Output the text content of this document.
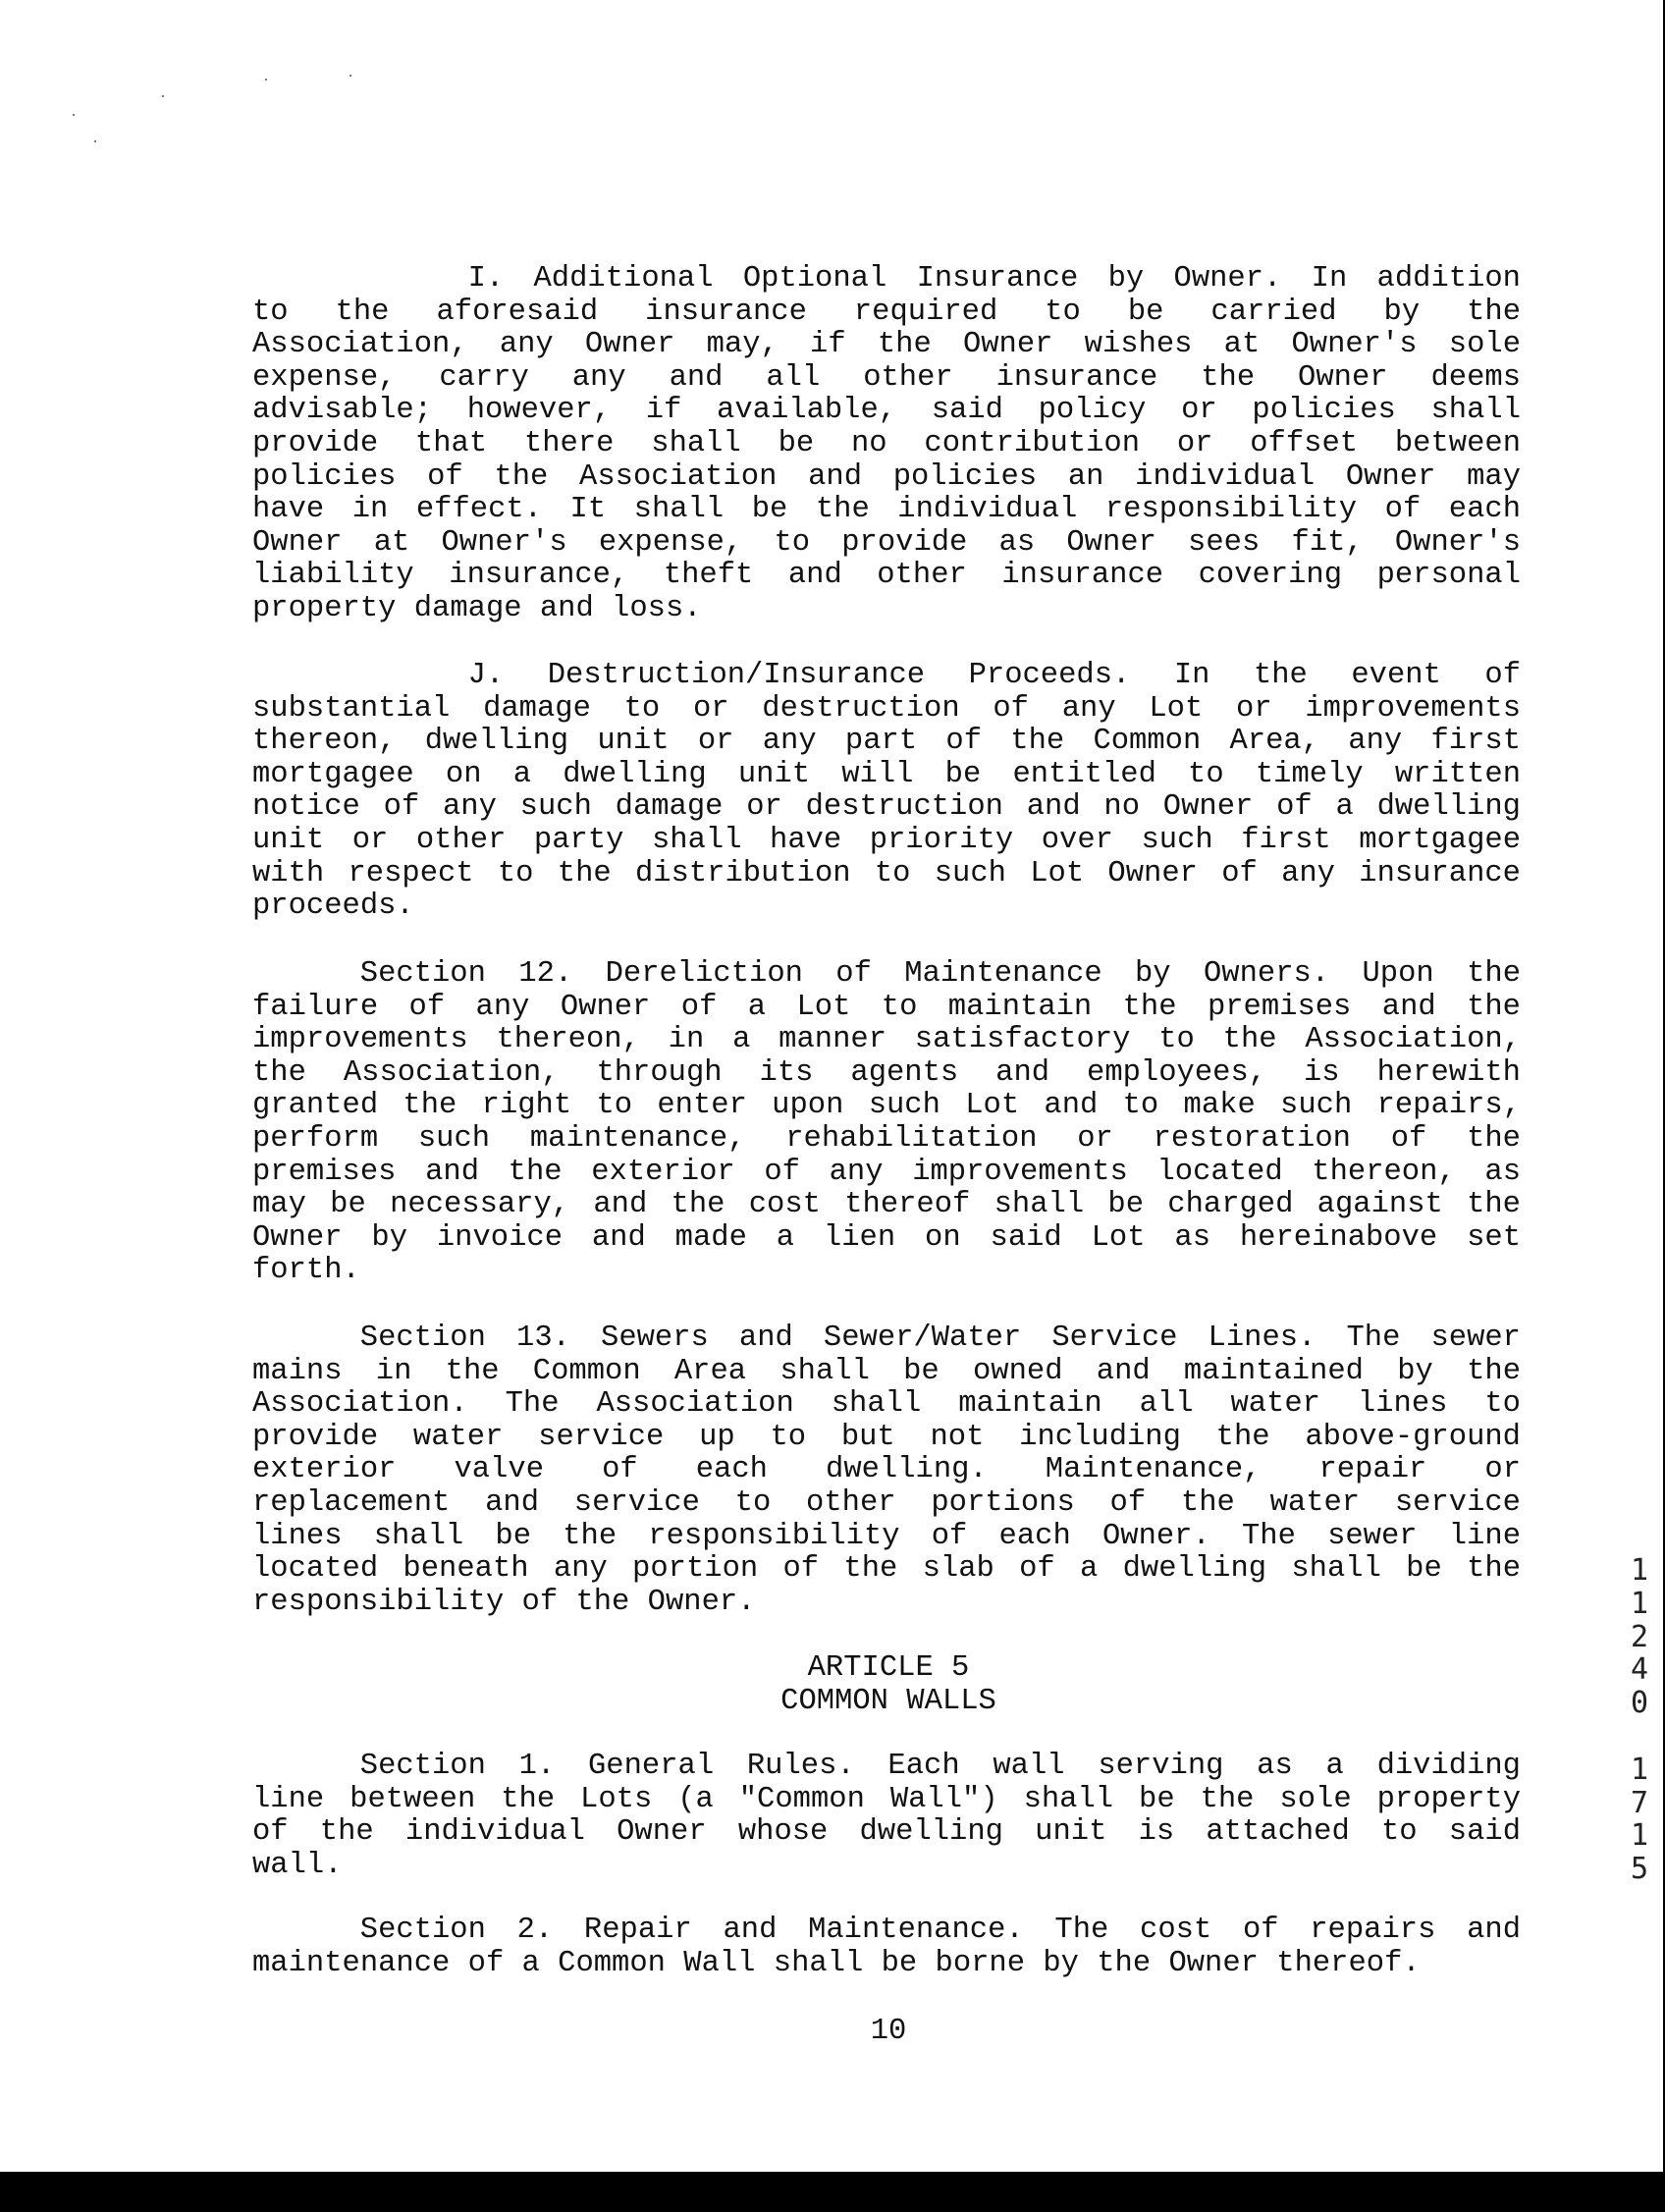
I. Additional Optional Insurance by Owner. In addition
to the aforesaid insurance required to be carried by the
Association, any Owner may, if the Owner wishes at Owner's sole
expense, carry any and all other insurance the Owner deems
advisable; however, if available, said policy or policies shall
provide that there shall be no contribution or offset between
policies of the Association and policies an individual Owner may
have in effect. It shall be the individual responsibility of each
Owner at Owner's expense, to provide as Owner sees fit, Owner's
liability insurance, theft and other insurance covering personal
property damage and loss.
J. Destruction/Insurance Proceeds. In the event of
substantial damage to or destruction of any Lot or improvements
thereon, dwelling unit or any part of the Common Area, any first
mortgagee on a dwelling unit will be entitled to timely written
notice of any such damage or destruction and no Owner of a dwelling
unit or other party shall have priority over such first mortgagee
with respect to the distribution to such Lot Owner of any insurance
proceeds.
Section 12. Dereliction of Maintenance by Owners. Upon the
failure of any Owner of a Lot to maintain the premises and the
improvements thereon, in a manner satisfactory to the Association,
the Association, through its agents and employees, is herewith
granted the right to enter upon such Lot and to make such repairs,
perform such maintenance, rehabilitation or restoration of the
premises and the exterior of any improvements located thereon, as
may be necessary, and the cost thereof shall be charged against the
Owner by invoice and made a lien on said Lot as hereinabove set
forth.
Section 13. Sewers and Sewer/Water Service Lines. The sewer
mains in the Common Area shall be owned and maintained by the
Association. The Association shall maintain all water lines to
provide water service up to but not including the above-ground
exterior valve of each dwelling. Maintenance, repair or
replacement and service to other portions of the water service
lines shall be the responsibility of each Owner. The sewer line
located beneath any portion of the slab of a dwelling shall be the
responsibility of the Owner.

ARTICLE 5

COMMON WALLS

Section 1. General Rules. Each wall serving as a dividing
line between the Lots (a "Common Wall") shall be the sole property
of the individual Owner whose dwelling unit is attached to said
wall.
Section 2. Repair and Maintenance. The cost of repairs and
maintenance of a Common Wall shall be borne by the Owner thereof.
10
1
1
2
4
0

1
7
1
5
